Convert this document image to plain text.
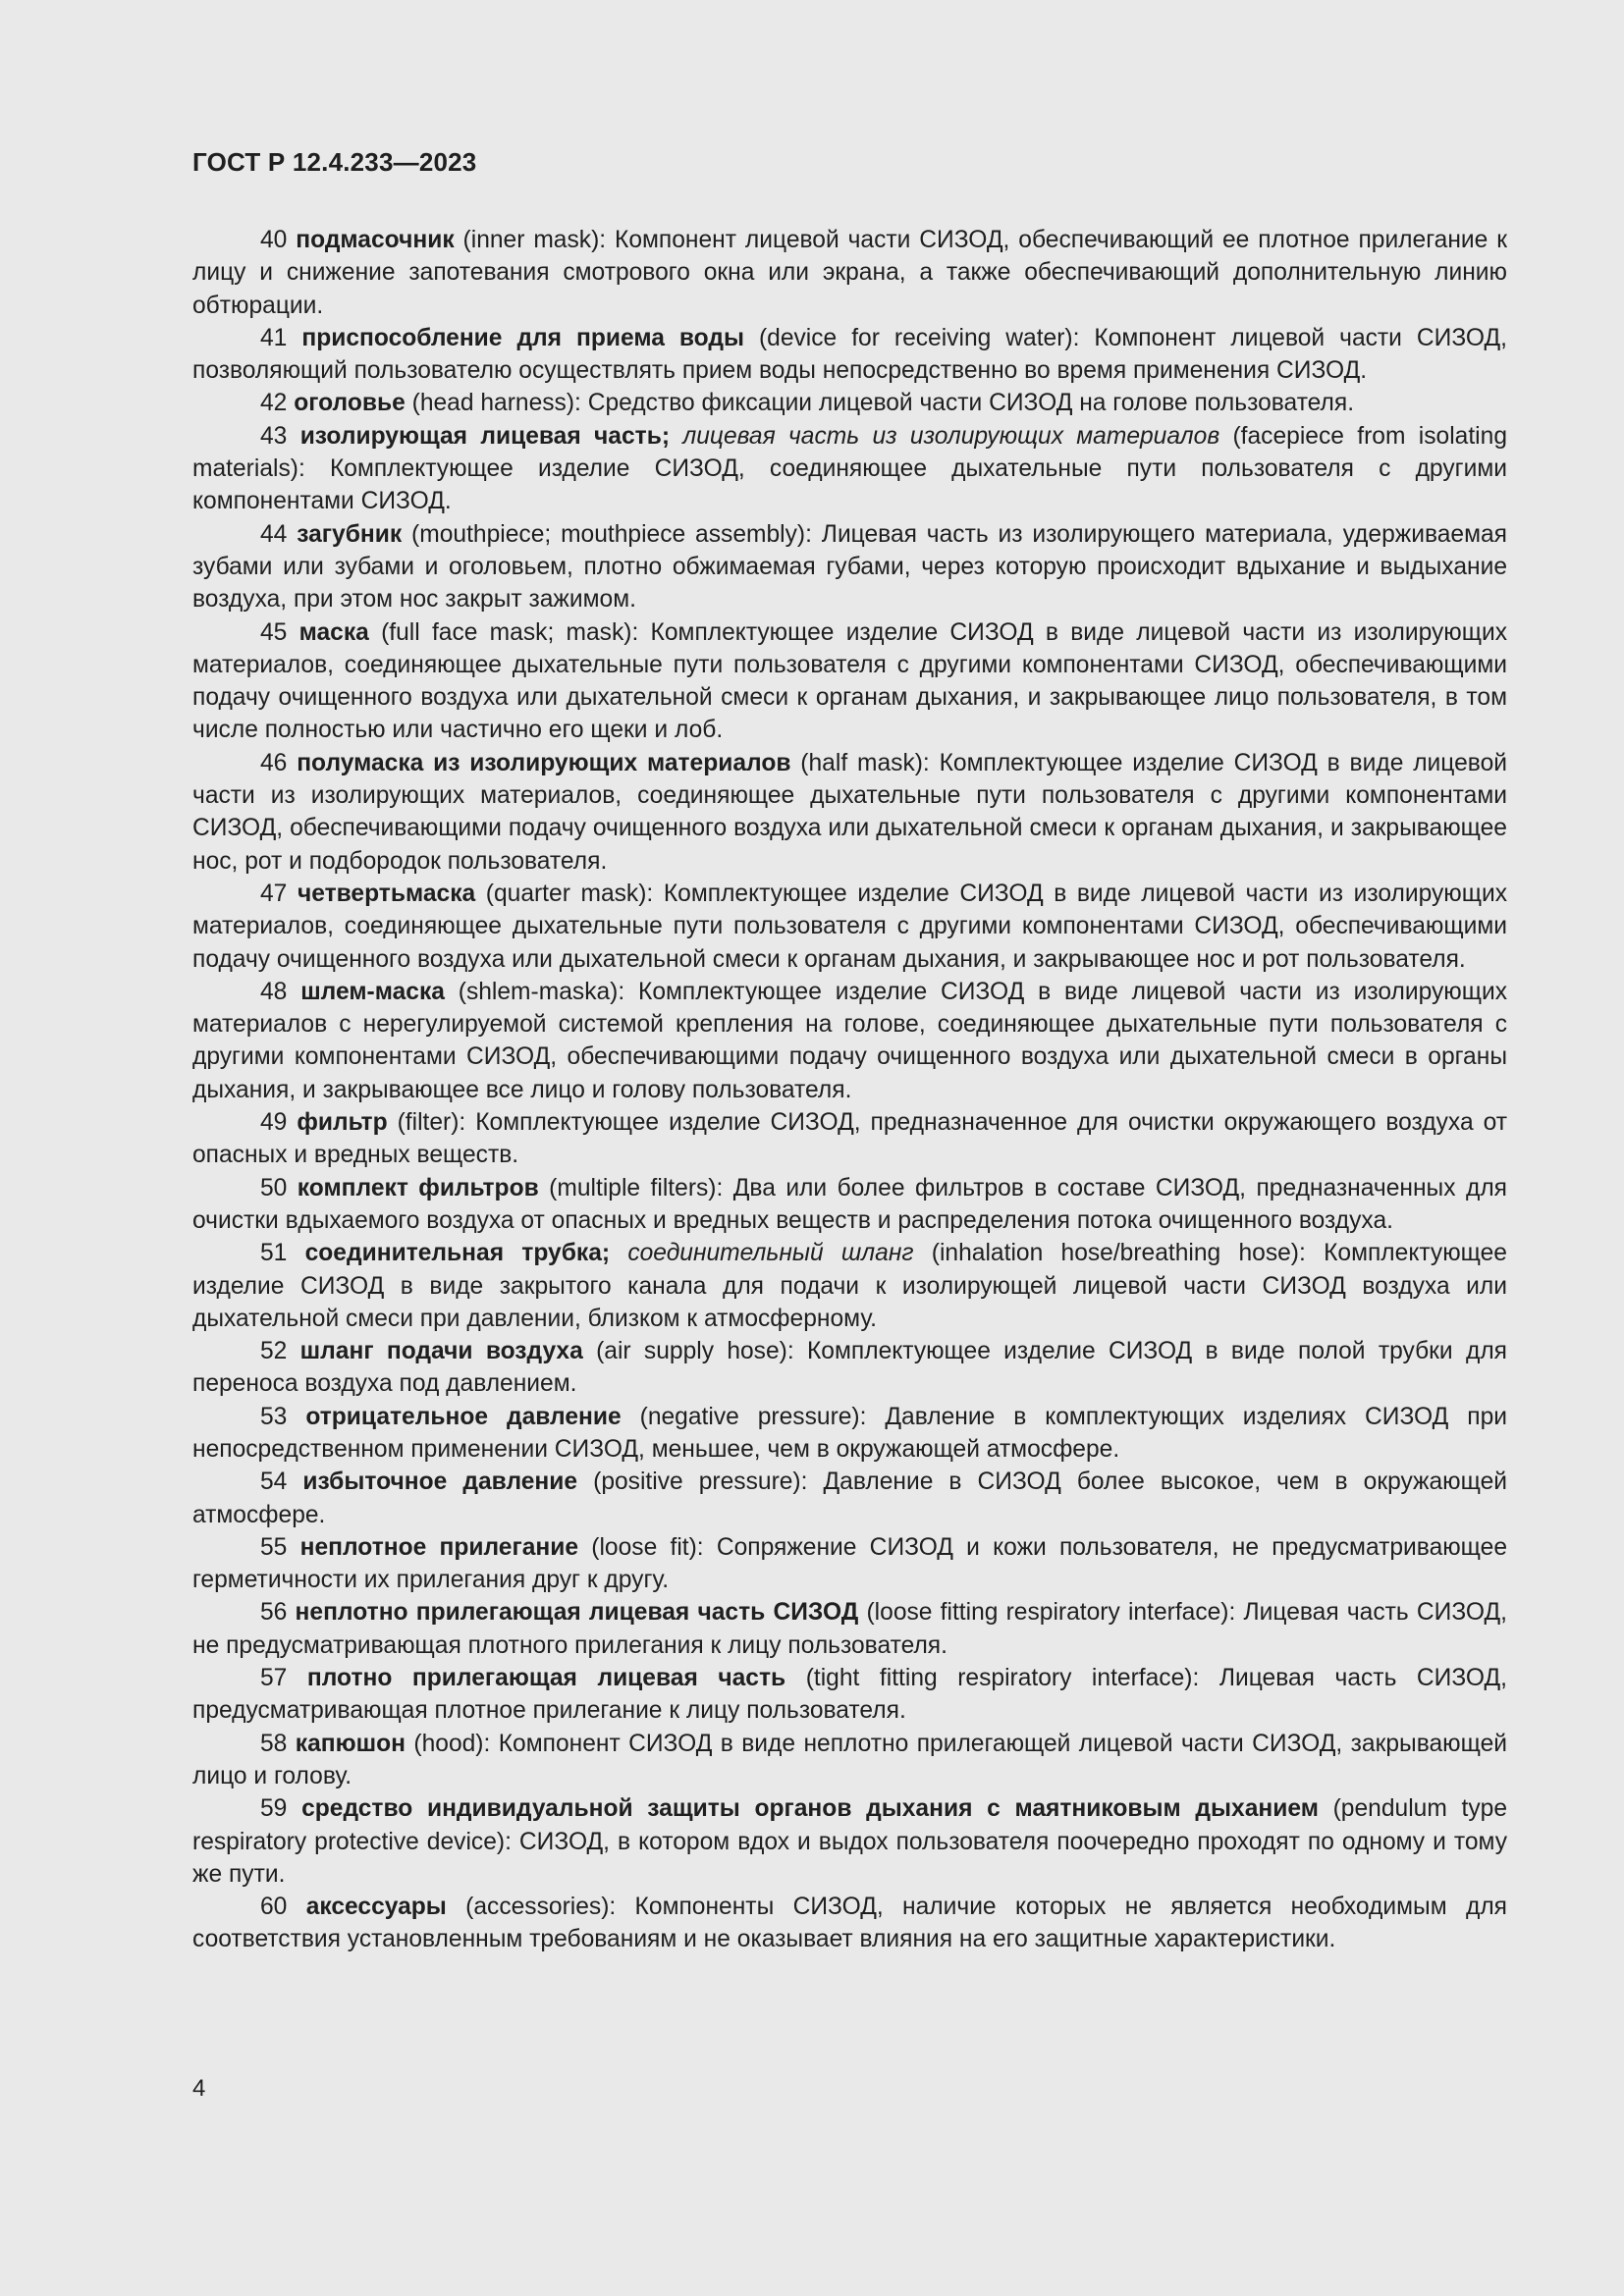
ГОСТ Р 12.4.233—2023

40 подмасочник (inner mask): Компонент лицевой части СИЗОД, обеспечивающий ее плотное прилегание к лицу и снижение запотевания смотрового окна или экрана, а также обеспечивающий дополнительную линию обтюрации.

41 приспособление для приема воды (device for receiving water): Компонент лицевой части СИЗОД, позволяющий пользователю осуществлять прием воды непосредственно во время применения СИЗОД.

42 оголовье (head harness): Средство фиксации лицевой части СИЗОД на голове пользователя.

43 изолирующая лицевая часть; лицевая часть из изолирующих материалов (facepiece from isolating materials): Комплектующее изделие СИЗОД, соединяющее дыхательные пути пользователя с другими компонентами СИЗОД.

44 загубник (mouthpiece; mouthpiece assembly): Лицевая часть из изолирующего материала, удерживаемая зубами или зубами и оголовьем, плотно обжимаемая губами, через которую происходит вдыхание и выдыхание воздуха, при этом нос закрыт зажимом.

45 маска (full face mask; mask): Комплектующее изделие СИЗОД в виде лицевой части из изолирующих материалов, соединяющее дыхательные пути пользователя с другими компонентами СИЗОД, обеспечивающими подачу очищенного воздуха или дыхательной смеси к органам дыхания, и закрывающее лицо пользователя, в том числе полностью или частично его щеки и лоб.

46 полумаска из изолирующих материалов (half mask): Комплектующее изделие СИЗОД в виде лицевой части из изолирующих материалов, соединяющее дыхательные пути пользователя с другими компонентами СИЗОД, обеспечивающими подачу очищенного воздуха или дыхательной смеси к органам дыхания, и закрывающее нос, рот и подбородок пользователя.

47 четвертьмаска (quarter mask): Комплектующее изделие СИЗОД в виде лицевой части из изолирующих материалов, соединяющее дыхательные пути пользователя с другими компонентами СИЗОД, обеспечивающими подачу очищенного воздуха или дыхательной смеси к органам дыхания, и закрывающее нос и рот пользователя.

48 шлем-маска (shlem-maska): Комплектующее изделие СИЗОД в виде лицевой части из изолирующих материалов с нерегулируемой системой крепления на голове, соединяющее дыхательные пути пользователя с другими компонентами СИЗОД, обеспечивающими подачу очищенного воздуха или дыхательной смеси в органы дыхания, и закрывающее все лицо и голову пользователя.

49 фильтр (filter): Комплектующее изделие СИЗОД, предназначенное для очистки окружающего воздуха от опасных и вредных веществ.

50 комплект фильтров (multiple filters): Два или более фильтров в составе СИЗОД, предназначенных для очистки вдыхаемого воздуха от опасных и вредных веществ и распределения потока очищенного воздуха.

51 соединительная трубка; соединительный шланг (inhalation hose/breathing hose): Комплектующее изделие СИЗОД в виде закрытого канала для подачи к изолирующей лицевой части СИЗОД воздуха или дыхательной смеси при давлении, близком к атмосферному.

52 шланг подачи воздуха (air supply hose): Комплектующее изделие СИЗОД в виде полой трубки для переноса воздуха под давлением.

53 отрицательное давление (negative pressure): Давление в комплектующих изделиях СИЗОД при непосредственном применении СИЗОД, меньшее, чем в окружающей атмосфере.

54 избыточное давление (positive pressure): Давление в СИЗОД более высокое, чем в окружающей атмосфере.

55 неплотное прилегание (loose fit): Сопряжение СИЗОД и кожи пользователя, не предусматривающее герметичности их прилегания друг к другу.

56 неплотно прилегающая лицевая часть СИЗОД (loose fitting respiratory interface): Лицевая часть СИЗОД, не предусматривающая плотного прилегания к лицу пользователя.

57 плотно прилегающая лицевая часть (tight fitting respiratory interface): Лицевая часть СИЗОД, предусматривающая плотное прилегание к лицу пользователя.

58 капюшон (hood): Компонент СИЗОД в виде неплотно прилегающей лицевой части СИЗОД, закрывающей лицо и голову.

59 средство индивидуальной защиты органов дыхания с маятниковым дыханием (pendulum type respiratory protective device): СИЗОД, в котором вдох и выдох пользователя поочередно проходят по одному и тому же пути.

60 аксессуары (accessories): Компоненты СИЗОД, наличие которых не является необходимым для соответствия установленным требованиям и не оказывает влияния на его защитные характеристики.

4
